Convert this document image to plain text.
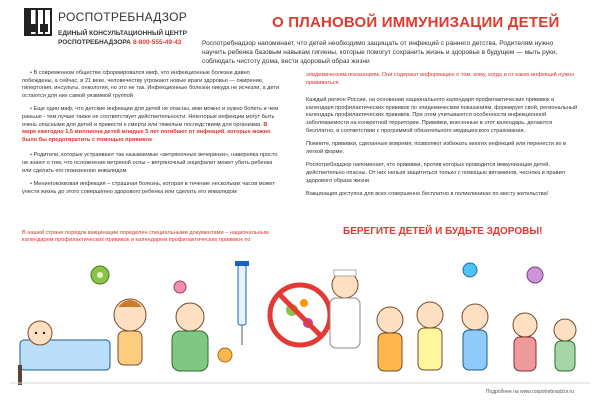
РОСПОТРЕБНАДЗОР
ЕДИНЫЙ КОНСУЛЬТАЦИОННЫЙ ЦЕНТР
РОСПОТРЕБНАДЗОРА 8-800-555-49-43
О ПЛАНОВОЙ ИММУНИЗАЦИИ ДЕТЕЙ
Роспотребнадзор напоминает, что детей необходимо защищать от инфекций с раннего детства. Родителям нужно научить ребенка базовым навыкам гигиены, которые помогут сохранить жизнь и здоровье в будущем — мыть руки, соблюдать чистоту дома, вести здоровый образ жизни

• В современном обществе сформировался миф, что инфекционные болезни давно побеждены, а сейчас, в 21 веке, человечеству угрожают новые враги здоровья — ожирение, гипертония, инсульты, онкология, но это не так. Инфекционные болезни никуда не исчезли, а дети остаются для них самой уязвимой группой

• Еще один миф, что детские инфекции для детей не опасны, ими можно и нужно болеть и чем раньше - тем лучше также не соответствует действительности. Некоторые инфекции могут быть очень опасными для детей и привести к смерти или тяжелым последствиям для организма. В мире ежегодно 1,5 миллиона детей младше 5 лет погибают от инфекций, которые можно было бы предотвратить с помощью прививок

• Родители, которые устраивают так называемые «ветряночные вечеринки», наверняка просто не знают о том, что осложнение ветряной оспы – ветряночный энцефалит может убить ребенка или сделать его пожизненно инвалидом

• Менингококковая инфекция – страшная болезнь, которая в течение нескольких часов может унести жизнь до этого совершенно здорового ребенка или сделать его инвалидом

В нашей стране порядок вакцинации определен специальными документами – национальным календарем профилактических прививок и календарем профилактических прививок по

эпидемическим показаниям. Они содержат информацию о том, кому, когда и от каких инфекций нужно прививаться.

Каждый регион России, на основании национального календаря профилактических прививок и календаря профилактических прививок по эпидемическим показаниям, формирует свой, региональный календарь профилактических прививок. При этом учитываются особенности инфекционной заболеваемости на конкретной территории. Прививки, внесенные в этот календарь, делаются бесплатно, в соответствии с программой обязательного медицинского страхования.

Помните, прививки, сделанные вовремя, позволяют избежать многих инфекций или перенести их в легкой форме.

Роспотребнадзор напоминает, что прививки, против которых проводится иммунизация детей, действительно опасны. От них нельзя защититься только с помощью витаминов, чеснока и правил здорового образа жизни.

Вакцинация доступна для всех совершенно бесплатно в поликлиниках по месту жительства!

БЕРЕГИТЕ ДЕТЕЙ И БУДЬТЕ ЗДОРОВЫ!
Подробнее на www.rospotrebnadzor.ru
